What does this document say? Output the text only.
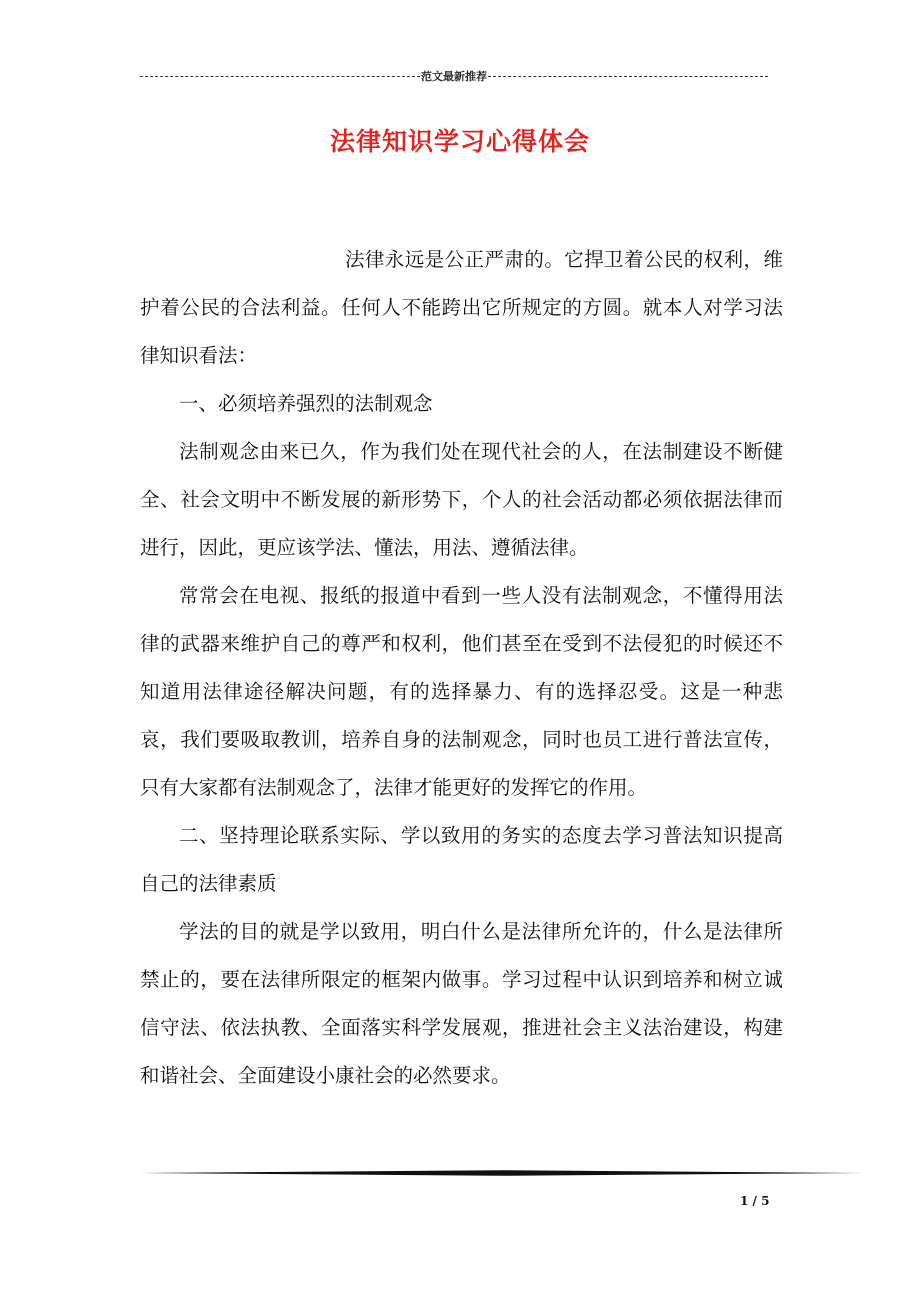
范文最新推荐
法律知识学习心得体会

法律永远是公正严肃的。它捍卫着公民的权利，维护着公民的合法利益。任何人不能跨出它所规定的方圆。就本人对学习法律知识看法：

一、必须培养强烈的法制观念

法制观念由来已久，作为我们处在现代社会的人，在法制建设不断健全、社会文明中不断发展的新形势下，个人的社会活动都必须依据法律而进行，因此，更应该学法、懂法，用法、遵循法律。

常常会在电视、报纸的报道中看到一些人没有法制观念，不懂得用法律的武器来维护自己的尊严和权利，他们甚至在受到不法侵犯的时候还不知道用法律途径解决问题，有的选择暴力、有的选择忍受。这是一种悲哀，我们要吸取教训，培养自身的法制观念，同时也员工进行普法宣传，只有大家都有法制观念了，法律才能更好的发挥它的作用。

二、坚持理论联系实际、学以致用的务实的态度去学习普法知识提高自己的法律素质

学法的目的就是学以致用，明白什么是法律所允许的，什么是法律所禁止的，要在法律所限定的框架内做事。学习过程中认识到培养和树立诚信守法、依法执教、全面落实科学发展观，推进社会主义法治建设，构建和谐社会、全面建设小康社会的必然要求。

1 / 5
